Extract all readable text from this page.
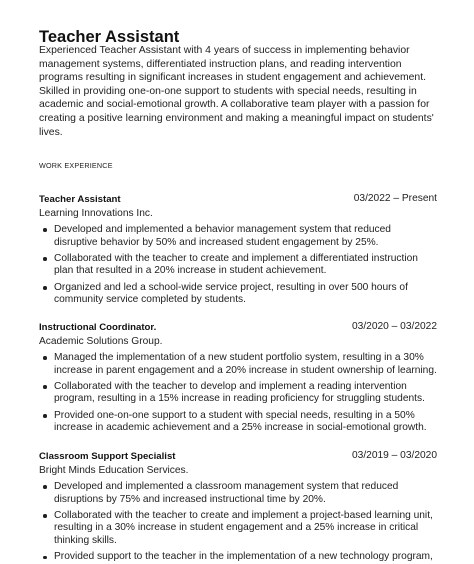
Teacher Assistant

Experienced Teacher Assistant with 4 years of success in implementing behavior management systems, differentiated instruction plans, and reading intervention programs resulting in significant increases in student engagement and achievement. Skilled in providing one-on-one support to students with special needs, resulting in academic and social-emotional growth. A collaborative team player with a passion for creating a positive learning environment and making a meaningful impact on students' lives.

WORK EXPERIENCE

Teacher Assistant	03/2022 – Present

Learning Innovations Inc.

Developed and implemented a behavior management system that reduced disruptive behavior by 50% and increased student engagement by 25%.
Collaborated with the teacher to create and implement a differentiated instruction plan that resulted in a 20% increase in student achievement.
Organized and led a school-wide service project, resulting in over 500 hours of community service completed by students.
Instructional Coordinator.	03/2020 – 03/2022

Academic Solutions Group.

Managed the implementation of a new student portfolio system, resulting in a 30% increase in parent engagement and a 20% increase in student ownership of learning.
Collaborated with the teacher to develop and implement a reading intervention program, resulting in a 15% increase in reading proficiency for struggling students.
Provided one-on-one support to a student with special needs, resulting in a 50% increase in academic achievement and a 25% increase in social-emotional growth.
Classroom Support Specialist	03/2019 – 03/2020

Bright Minds Education Services.

Developed and implemented a classroom management system that reduced disruptions by 75% and increased instructional time by 20%.
Collaborated with the teacher to create and implement a project-based learning unit, resulting in a 30% increase in student engagement and a 25% increase in critical thinking skills.
Provided support to the teacher in the implementation of a new technology program,
